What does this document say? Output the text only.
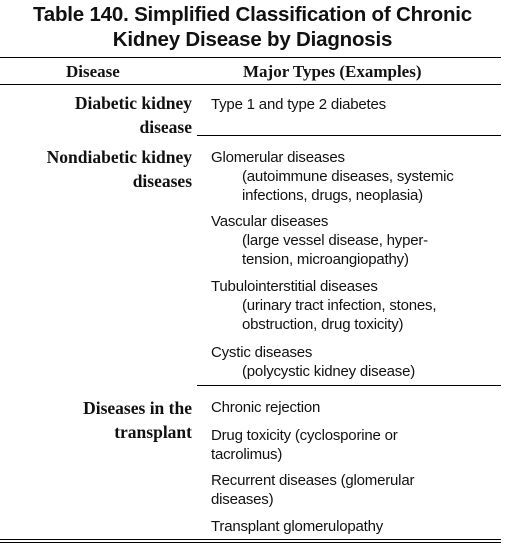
Table 140. Simplified Classification of Chronic
Kidney Disease by Diagnosis
Disease	Major Types (Examples)
Diabetic kidney
disease
Type 1 and type 2 diabetes
Nondiabetic kidney
diseases
Glomerular diseases
(autoimmune diseases, systemic
infections, drugs, neoplasia)
Vascular diseases
(large vessel disease, hyper-
tension, microangiopathy)
Tubulointerstitial diseases
(urinary tract infection, stones,
obstruction, drug toxicity)
Cystic diseases
(polycystic kidney disease)
Diseases in the
transplant
Chronic rejection
Drug toxicity (cyclosporine or
tacrolimus)
Recurrent diseases (glomerular
diseases)
Transplant glomerulopathy
